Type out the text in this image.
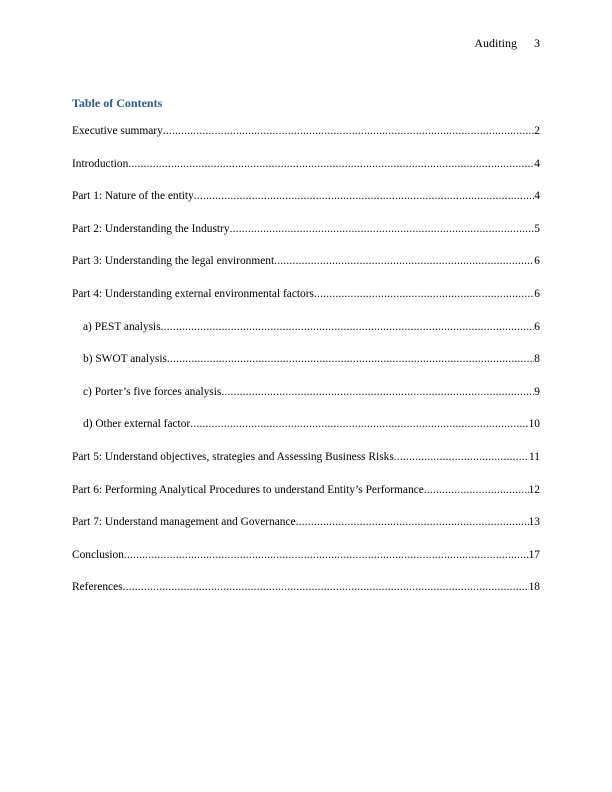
Auditing 3
Table of Contents
Executive summary .....	2
Introduction .....	4
Part 1: Nature of the entity .....	4
Part 2: Understanding the Industry .....	5
Part 3: Understanding the legal environment .....	6
Part 4: Understanding external environmental factors .....	6
a) PEST analysis .....	6
b) SWOT analysis .....	8
c) Porter’s five forces analysis .....	9
d) Other external factor .....	10
Part 5: Understand objectives, strategies and Assessing Business Risks .....	11
Part 6: Performing Analytical Procedures to understand Entity’s Performance .....	12
Part 7: Understand management and Governance .....	13
Conclusion .....	17
References .....	18
